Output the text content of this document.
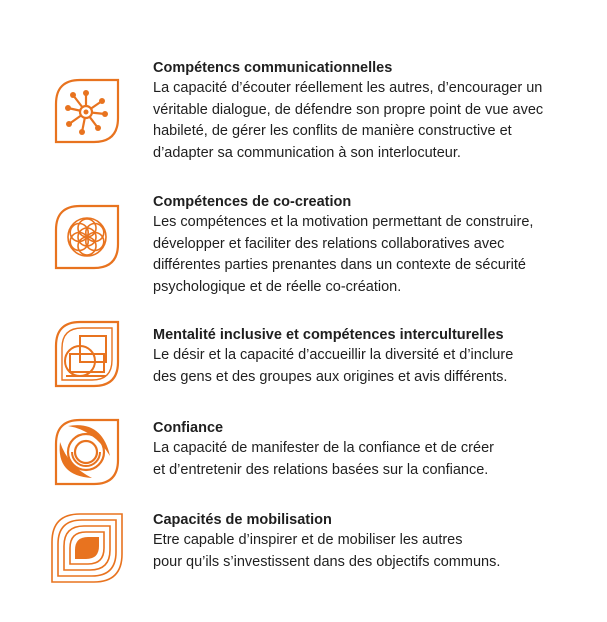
Compétencs communicationnelles

La capacité d’écouter réellement les autres, d’encourager un

véritable dialogue, de défendre son propre point de vue avec

habileté, de gérer les conflits de manière constructive et

d’adapter sa communication à son interlocuteur.

Compétences de co-creation

Les compétences et la motivation permettant de construire,

développer et faciliter des relations collaboratives avec

différentes parties prenantes dans un contexte de sécurité

psychologique et de réelle co-création.

Mentalité inclusive et compétences interculturelles

Le désir et la capacité d’accueillir la diversité et d’inclure

des gens et des groupes aux origines et avis différents.

Confiance

La capacité de manifester de la confiance et de créer

et d’entretenir des relations basées sur la confiance.

Capacités de mobilisation

Etre capable d’inspirer et de mobiliser les autres

pour qu’ils s’investissent dans des objectifs communs.
